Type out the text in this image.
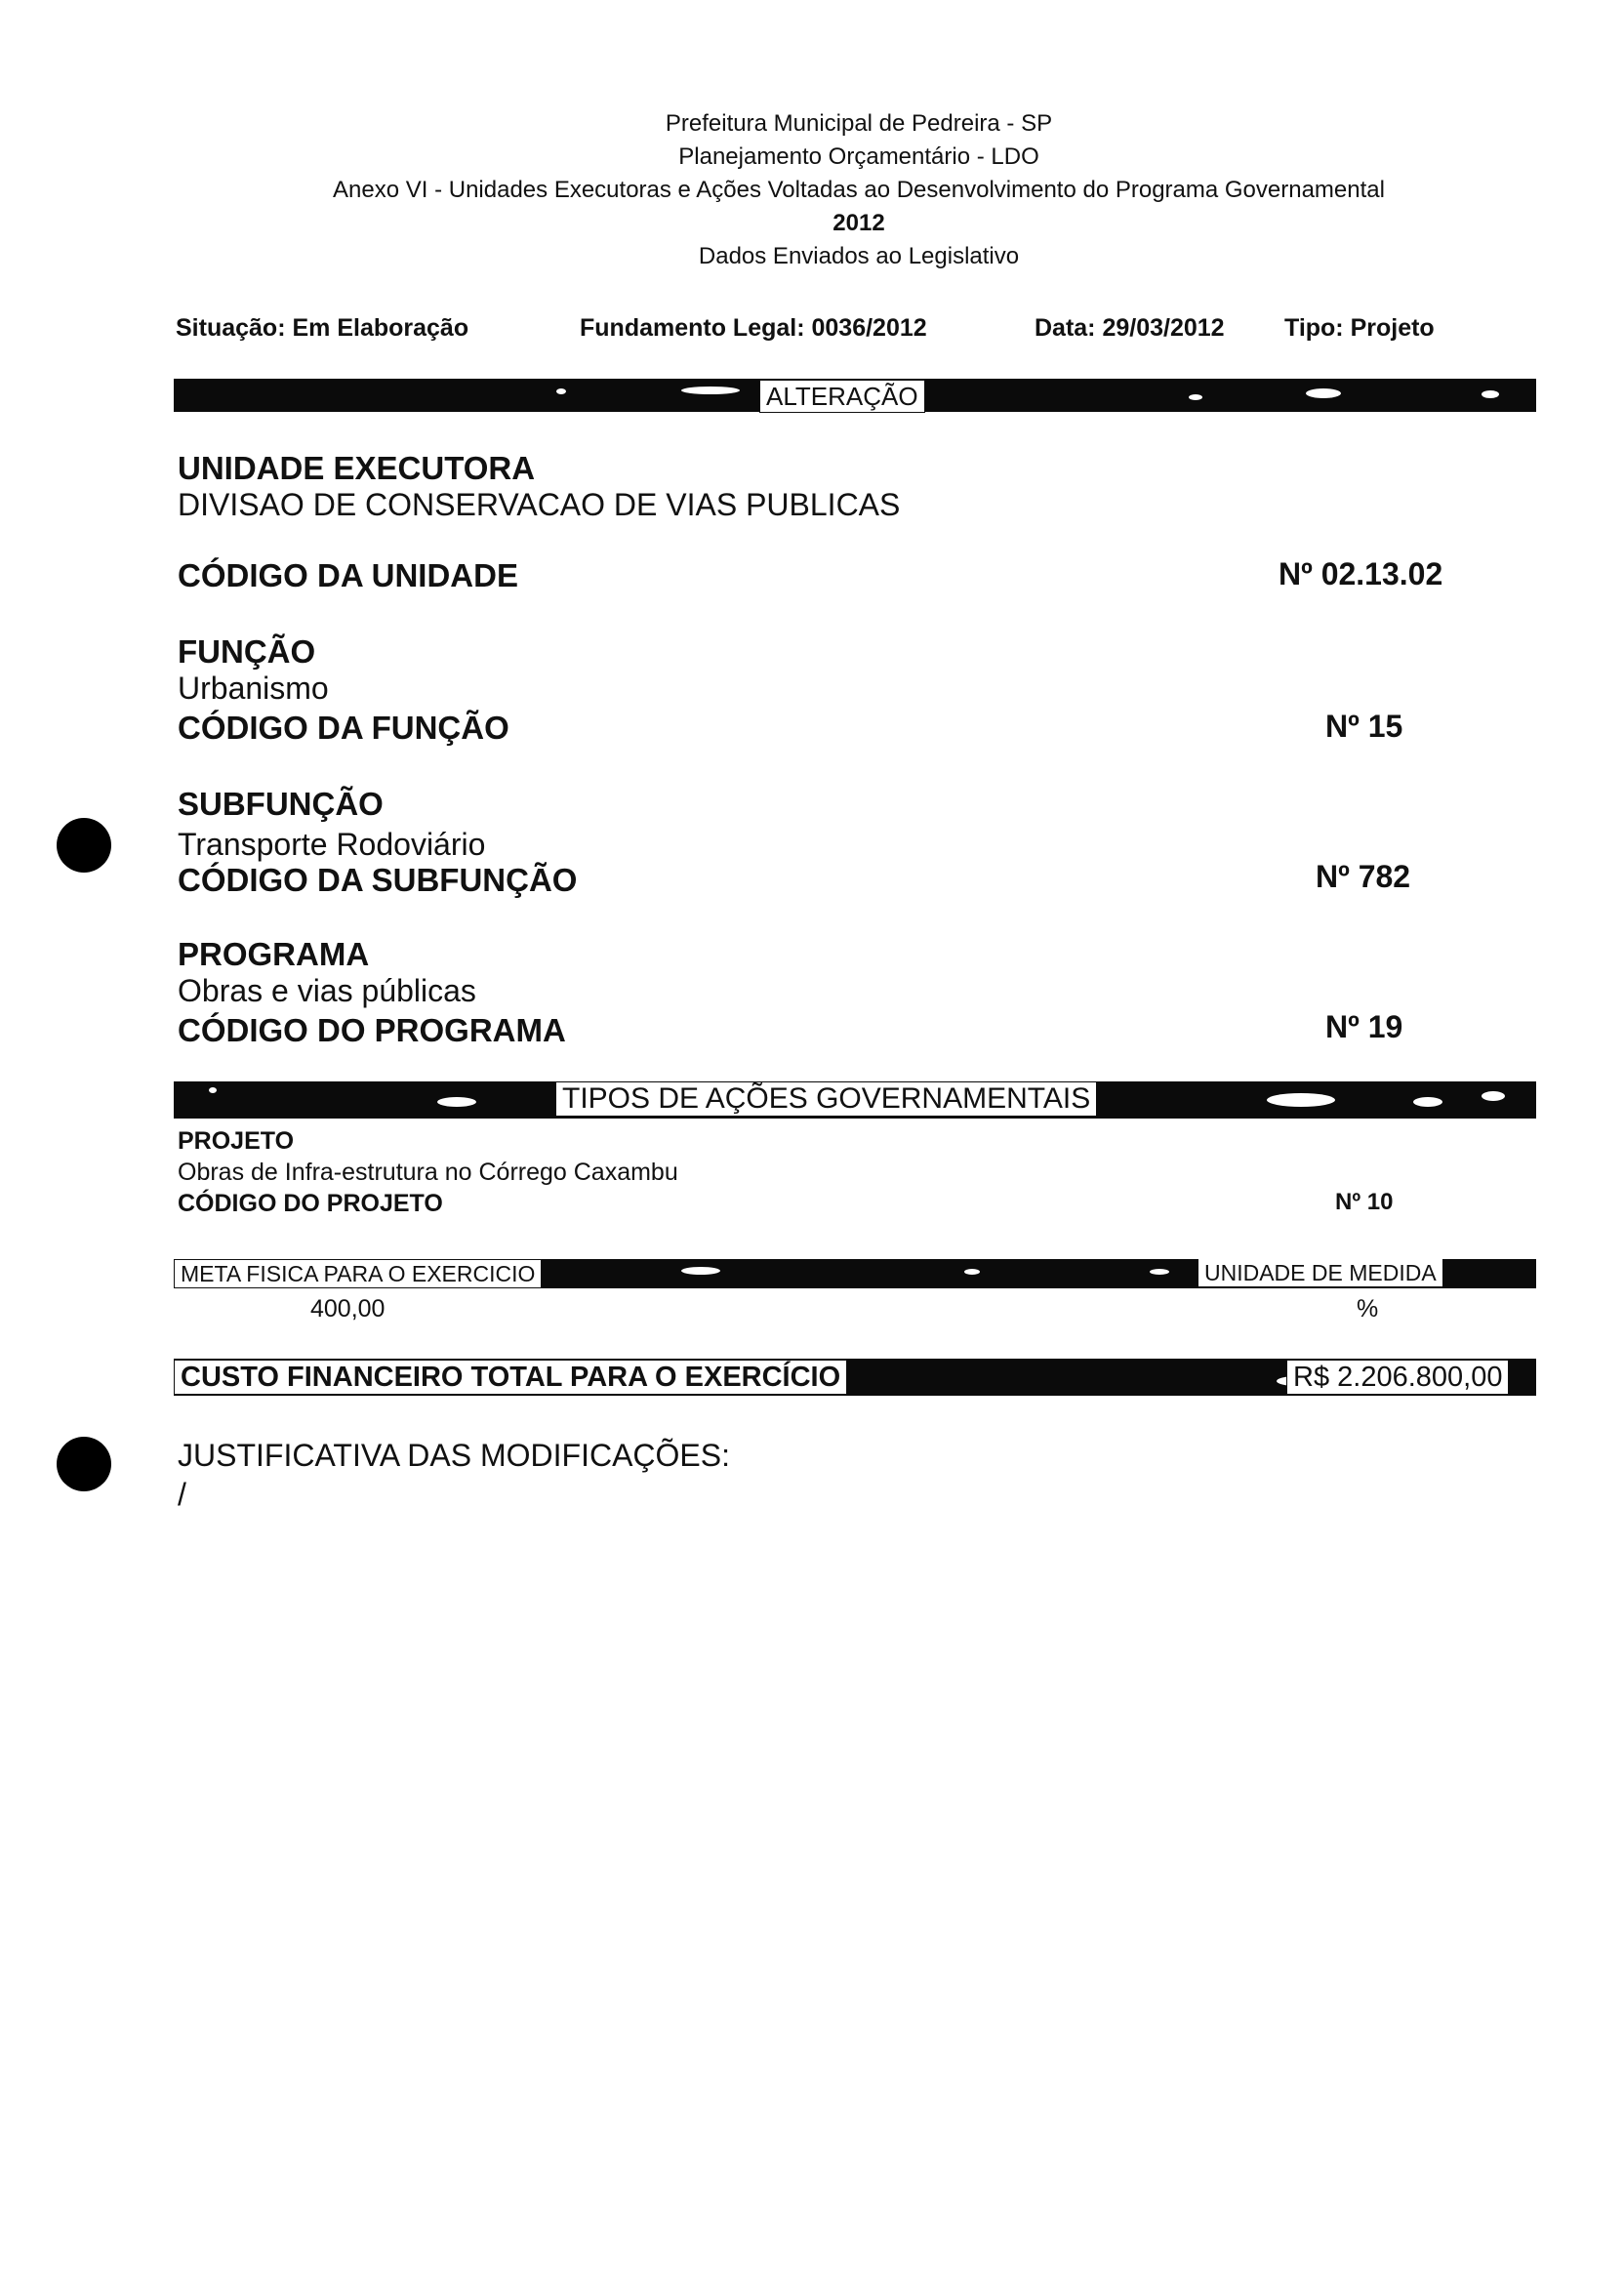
Prefeitura Municipal de Pedreira - SP
Planejamento Orçamentário - LDO
Anexo VI - Unidades Executoras e Ações Voltadas ao Desenvolvimento do Programa Governamental
2012
Dados Enviados ao Legislativo
Situação: Em Elaboração	Fundamento Legal: 0036/2012	Data: 29/03/2012 Tipo: Projeto
ALTERAÇÃO
UNIDADE EXECUTORA
DIVISAO DE CONSERVACAO DE VIAS PUBLICAS
CÓDIGO DA UNIDADE	Nº 02.13.02
FUNÇÃO
Urbanismo
CÓDIGO DA FUNÇÃO	Nº 15
SUBFUNÇÃO
Transporte Rodoviário
CÓDIGO DA SUBFUNÇÃO	Nº 782
PROGRAMA
Obras e vias públicas
CÓDIGO DO PROGRAMA	Nº 19
TIPOS DE AÇÕES GOVERNAMENTAIS
PROJETO
Obras de Infra-estrutura no Córrego Caxambu
CÓDIGO DO PROJETO	Nº 10
META FISICA PARA O EXERCICIO	UNIDADE DE MEDIDA
400,00	%
CUSTO FINANCEIRO TOTAL PARA O EXERCÍCIO	R$ 2.206.800,00
JUSTIFICATIVA DAS MODIFICAÇÕES:
/
